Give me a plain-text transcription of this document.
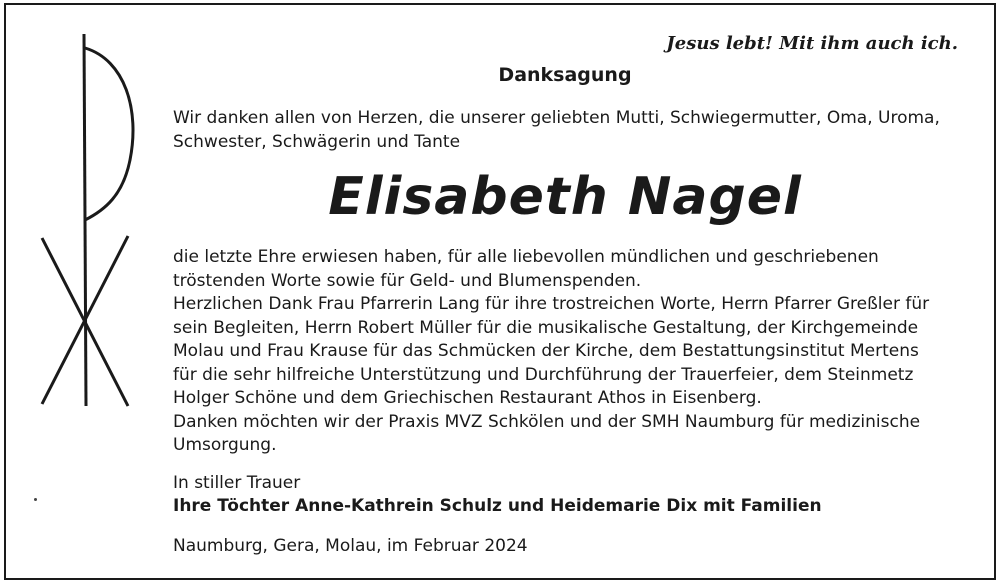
Jesus lebt! Mit ihm auch ich.
Danksagung
Wir danken allen von Herzen, die unserer geliebten Mutti, Schwiegermutter, Oma, Uroma,
Schwester, Schwägerin und Tante
Elisabeth Nagel
die letzte Ehre erwiesen haben, für alle liebevollen mündlichen und geschriebenen
tröstenden Worte sowie für Geld- und Blumenspenden.
Herzlichen Dank Frau Pfarrerin Lang für ihre trostreichen Worte, Herrn Pfarrer Greßler für
sein Begleiten, Herrn Robert Müller für die musikalische Gestaltung, der Kirchgemeinde
Molau und Frau Krause für das Schmücken der Kirche, dem Bestattungsinstitut Mertens
für die sehr hilfreiche Unterstützung und Durchführung der Trauerfeier, dem Steinmetz
Holger Schöne und dem Griechischen Restaurant Athos in Eisenberg.
Danken möchten wir der Praxis MVZ Schkölen und der SMH Naumburg für medizinische
Umsorgung.
In stiller Trauer
Ihre Töchter Anne-Kathrein Schulz und Heidemarie Dix mit Familien
Naumburg, Gera, Molau, im Februar 2024
